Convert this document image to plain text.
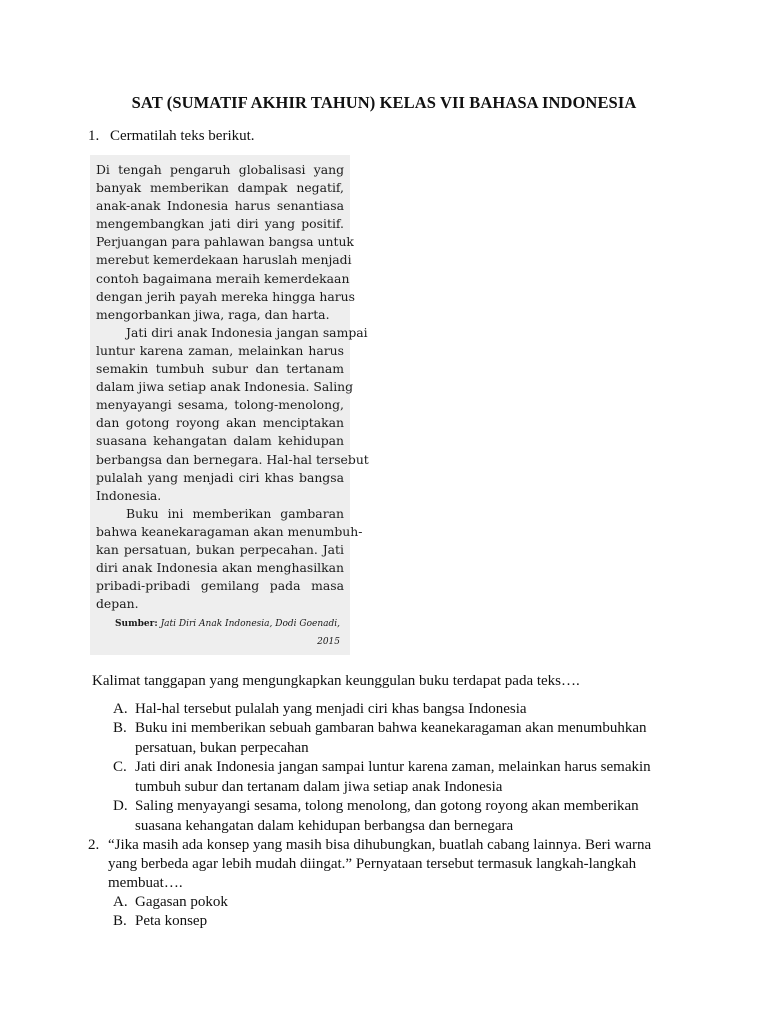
SAT (SUMATIF AKHIR TAHUN) KELAS VII BAHASA INDONESIA
1. Cermatilah teks berikut.
Di tengah pengaruh globalisasi yang
banyak memberikan dampak negatif,
anak-anak Indonesia harus senantiasa
mengembangkan jati diri yang positif.
Perjuangan para pahlawan bangsa untuk
merebut kemerdekaan haruslah menjadi
contoh bagaimana meraih kemerdekaan
dengan jerih payah mereka hingga harus
mengorbankan jiwa, raga, dan harta.
Jati diri anak Indonesia jangan sampai
luntur karena zaman, melainkan harus
semakin tumbuh subur dan tertanam
dalam jiwa setiap anak Indonesia. Saling
menyayangi sesama, tolong-menolong,
dan gotong royong akan menciptakan
suasana kehangatan dalam kehidupan
berbangsa dan bernegara. Hal-hal tersebut
pulalah yang menjadi ciri khas bangsa
Indonesia.
Buku ini memberikan gambaran
bahwa keanekaragaman akan menumbuh-
kan persatuan, bukan perpecahan. Jati
diri anak Indonesia akan menghasilkan
pribadi-pribadi gemilang pada masa
depan.
Sumber: Jati Diri Anak Indonesia, Dodi Goenadi, 2015
Kalimat tanggapan yang mengungkapkan keunggulan buku terdapat pada teks….
A. Hal-hal tersebut pulalah yang menjadi ciri khas bangsa Indonesia
B. Buku ini memberikan sebuah gambaran bahwa keanekaragaman akan menumbuhkan
persatuan, bukan perpecahan
C. Jati diri anak Indonesia jangan sampai luntur karena zaman, melainkan harus semakin
tumbuh subur dan tertanam dalam jiwa setiap anak Indonesia
D. Saling menyayangi sesama, tolong menolong, dan gotong royong akan memberikan
suasana kehangatan dalam kehidupan berbangsa dan bernegara
2. “Jika masih ada konsep yang masih bisa dihubungkan, buatlah cabang lainnya. Beri warna
yang berbeda agar lebih mudah diingat.” Pernyataan tersebut termasuk langkah-langkah
membuat….
A. Gagasan pokok
B. Peta konsep
